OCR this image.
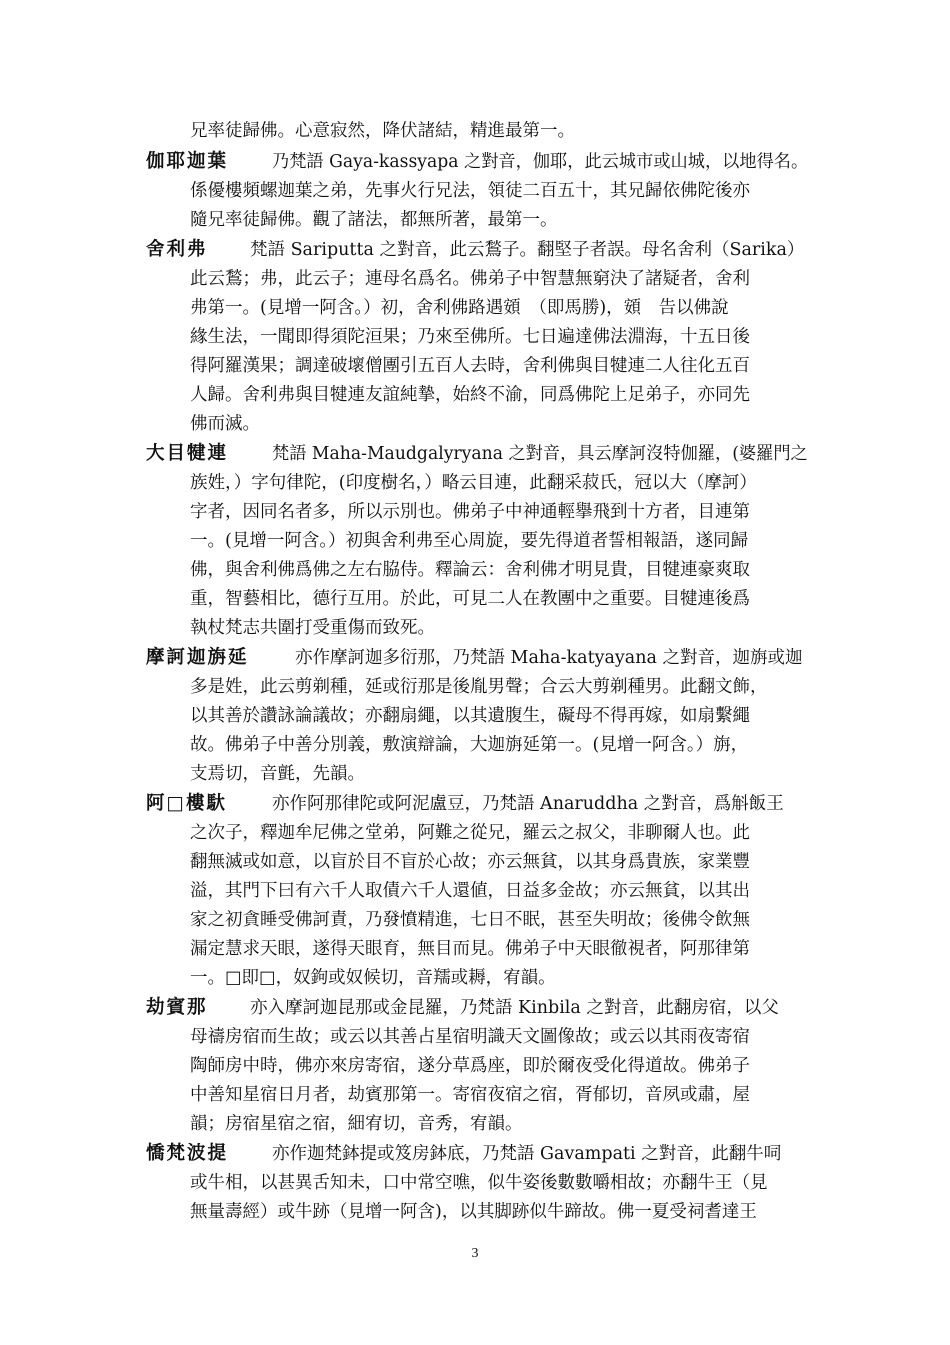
兄率徒歸佛。心意寂然，降伏諸結，精進最第一。
伽耶迦葉	乃梵語 Gaya-kassyapa 之對音，伽耶，此云城市或山城，以地得名。
係優樓頻螺迦葉之弟，先事火行兄法，領徒二百五十，其兄歸依佛陀後亦
隨兄率徒歸佛。觀了諸法，都無所著，最第一。
舍利弗 梵語 Sariputta 之對音，此云鶖子。翻堅子者誤。母名舍利（Sarika）
此云鶖；弗，此云子；連母名爲名。佛弟子中智慧無窮決了諸疑者，舍利
弗第一。(見增一阿含。）初，舍利佛路遇頞　（即馬勝)，頞　告以佛說
緣生法，一聞即得須陀洹果；乃來至佛所。七日遍達佛法淵海，十五日後
得阿羅漢果；調達破壞僧團引五百人去時，舍利佛與目犍連二人往化五百
人歸。舍利弗與目犍連友誼純摯，始終不渝，同爲佛陀上足弟子，亦同先
佛而滅。
大目犍連	梵語 Maha-Maudgalyryana 之對音，具云摩訶沒特伽羅，(婆羅門之
族姓，）字句律陀，(印度樹名，）略云目連，此翻采菽氏，冠以大（摩訶）
字者，因同名者多，所以示別也。佛弟子中神通輕擧飛到十方者，目連第
一。(見增一阿含。）初與舍利弗至心周旋，要先得道者誓相報語，遂同歸
佛，與舍利佛爲佛之左右脇侍。釋論云：舍利佛才明見貴，目犍連豪爽取
重，智藝相比，德行互用。於此，可見二人在教團中之重要。目犍連後爲
執杖梵志共圍打受重傷而致死。
摩訶迦旃延	亦作摩訶迦多衍那，乃梵語 Maha-katyayana 之對音，迦旃或迦
多是姓，此云剪剃種，延或衍那是後胤男聲；合云大剪剃種男。此翻文飾，
以其善於讚詠論議故；亦翻扇繩，以其遺腹生，礙母不得再嫁，如扇繫繩
故。佛弟子中善分別義，敷演辯論，大迦旃延第一。(見增一阿含。）旃，
支焉切，音氈，先韻。
阿□樓馱	亦作阿那律陀或阿泥盧豆，乃梵語 Anaruddha 之對音，爲斛飯王
之次子，釋迦牟尼佛之堂弟，阿難之從兄，羅云之叔父，非聊爾人也。此
翻無滅或如意，以盲於目不盲於心故；亦云無貧，以其身爲貴族，家業豐
溢，其門下曰有六千人取債六千人還値，日益多金故；亦云無貧，以其出
家之初貪睡受佛訶責，乃發憤精進，七日不眠，甚至失明故；後佛令飲無
漏定慧求天眼，遂得天眼育，無目而見。佛弟子中天眼徹視者，阿那律第
一。□即□，奴鉤或奴候切，音羺或耨，宥韻。
劫賓那 亦入摩訶迦昆那或金昆羅，乃梵語 Kinbila 之對音，此翻房宿，以父
母禱房宿而生故；或云以其善占星宿明識天文圖像故；或云以其雨夜寄宿
陶師房中時，佛亦來房寄宿，遂分草爲座，即於爾夜受化得道故。佛弟子
中善知星宿日月者，劫賓那第一。寄宿夜宿之宿，胥郁切，音夙或肅，屋
韻；房宿星宿之宿，細宥切，音秀，宥韻。
憍梵波提	亦作迦梵鉢提或笈房鉢底，乃梵語 Gavampati 之對音，此翻牛呞
或牛相，以甚異舌知未，口中常空噍，似牛姿後數數嚼相故；亦翻牛王（見
無量壽經）或牛跡（見增一阿含)，以其脚跡似牛蹄故。佛一夏受祠耆達王
3
